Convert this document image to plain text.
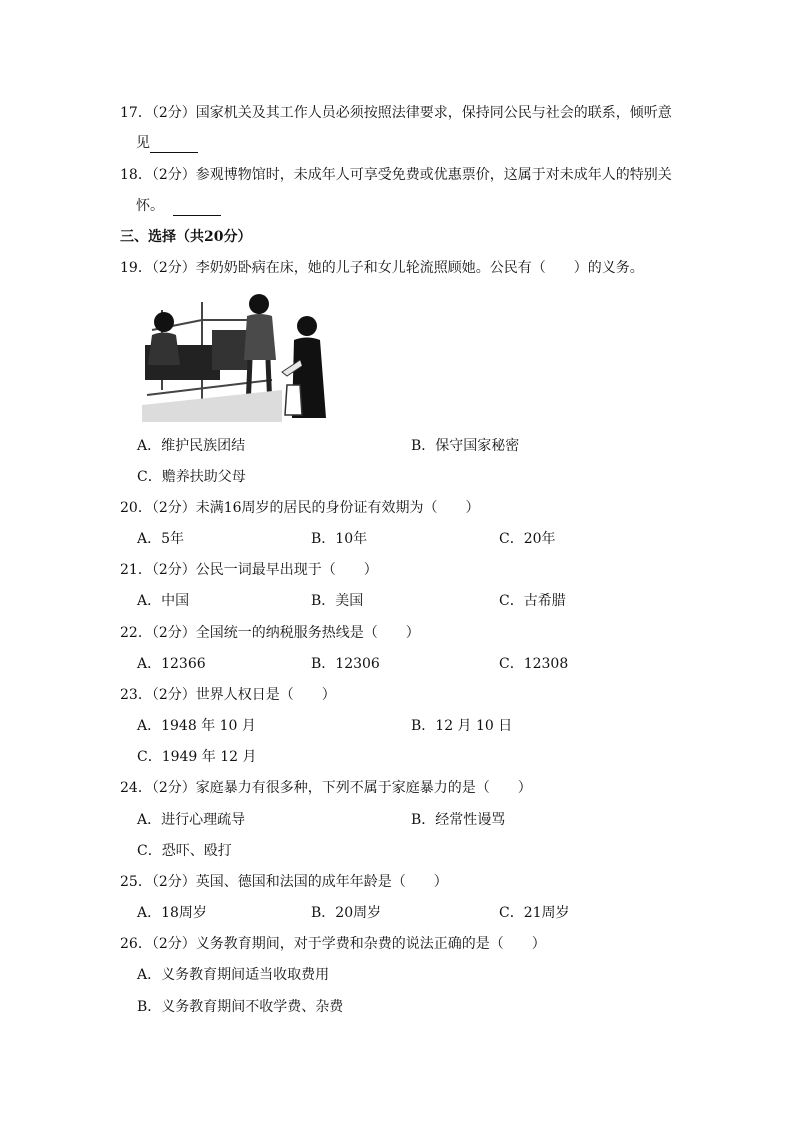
17．（2分）国家机关及其工作人员必须按照法律要求，保持同公民与社会的联系，倾听意
见
18．（2分）参观博物馆时，未成年人可享受免费或优惠票价，这属于对未成年人的特别关
怀。
三、选择（共20分）
19．（2分）李奶奶卧病在床，她的儿子和女儿轮流照顾她。公民有（　　）的义务。
A．维护民族团结	B．保守国家秘密
C．赡养扶助父母
20．（2分）未满16周岁的居民的身份证有效期为（　　）
A．5年	B．10年	C．20年
21．（2分）公民一词最早出现于（　　）
A．中国	B．美国	C．古希腊
22．（2分）全国统一的纳税服务热线是（　　）
A．12366	B．12306	C．12308
23．（2分）世界人权日是（　　）
A．1948 年 10 月	B．12 月 10 日
C．1949 年 12 月
24．（2分）家庭暴力有很多种，下列不属于家庭暴力的是（　　）
A．进行心理疏导	B．经常性谩骂
C．恐吓、殴打
25．（2分）英国、德国和法国的成年年龄是（　　）
A．18周岁	B．20周岁	C．21周岁
26．（2分）义务教育期间，对于学费和杂费的说法正确的是（　　）
A．义务教育期间适当收取费用
B．义务教育期间不收学费、杂费
